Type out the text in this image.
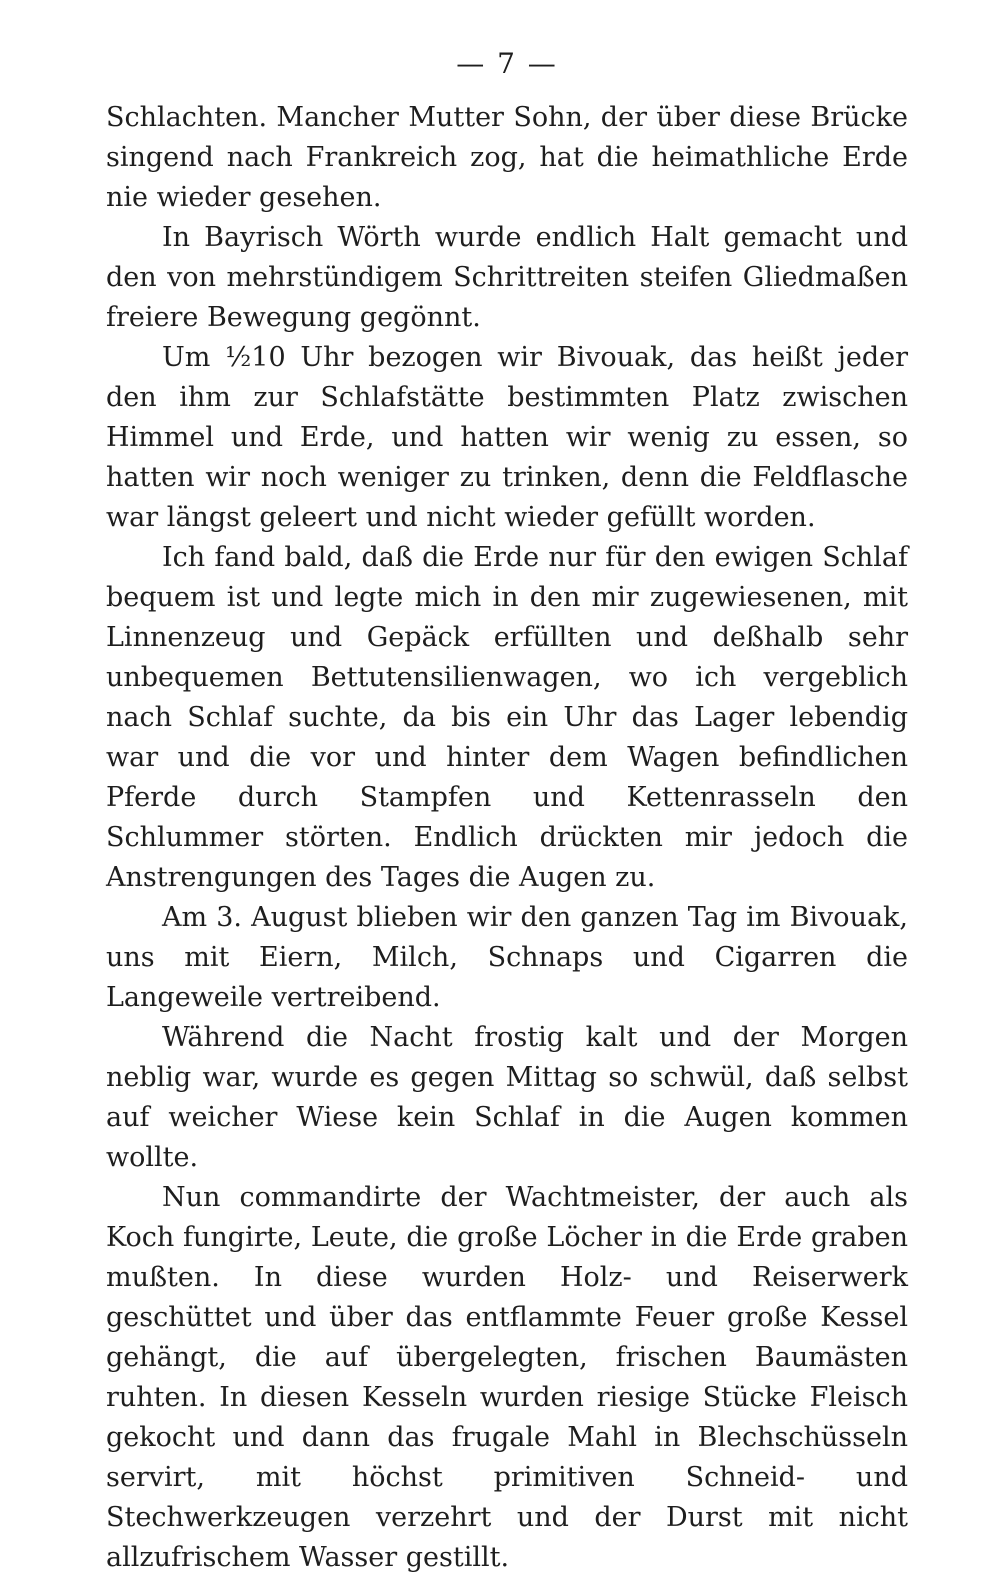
— 7 —

Schlachten. Mancher Mutter Sohn, der über diese Brücke singend nach Frankreich zog, hat die heimathliche Erde nie wieder gesehen.

In Bayrisch Wörth wurde endlich Halt gemacht und den von mehrstündigem Schrittreiten steifen Gliedmaßen freiere Bewegung gegönnt.

Um ½10 Uhr bezogen wir Bivouak, das heißt jeder den ihm zur Schlafstätte bestimmten Platz zwischen Himmel und Erde, und hatten wir wenig zu essen, so hatten wir noch weniger zu trinken, denn die Feldflasche war längst geleert und nicht wieder gefüllt worden.

Ich fand bald, daß die Erde nur für den ewigen Schlaf bequem ist und legte mich in den mir zugewiesenen, mit Linnenzeug und Gepäck erfüllten und deßhalb sehr unbequemen Bettutensilienwagen, wo ich vergeblich nach Schlaf suchte, da bis ein Uhr das Lager lebendig war und die vor und hinter dem Wagen befindlichen Pferde durch Stampfen und Kettenrasseln den Schlummer störten. Endlich drückten mir jedoch die Anstrengungen des Tages die Augen zu.

Am 3. August blieben wir den ganzen Tag im Bivouak, uns mit Eiern, Milch, Schnaps und Cigarren die Langeweile vertreibend.

Während die Nacht frostig kalt und der Morgen neblig war, wurde es gegen Mittag so schwül, daß selbst auf weicher Wiese kein Schlaf in die Augen kommen wollte.

Nun commandirte der Wachtmeister, der auch als Koch fungirte, Leute, die große Löcher in die Erde graben mußten. In diese wurden Holz- und Reiserwerk geschüttet und über das entflammte Feuer große Kessel gehängt, die auf übergelegten, frischen Baumästen ruhten. In diesen Kesseln wurden riesige Stücke Fleisch gekocht und dann das frugale Mahl in Blechschüsseln servirt, mit höchst primitiven Schneid- und Stechwerkzeugen verzehrt und der Durst mit nicht allzufrischem Wasser gestillt.
